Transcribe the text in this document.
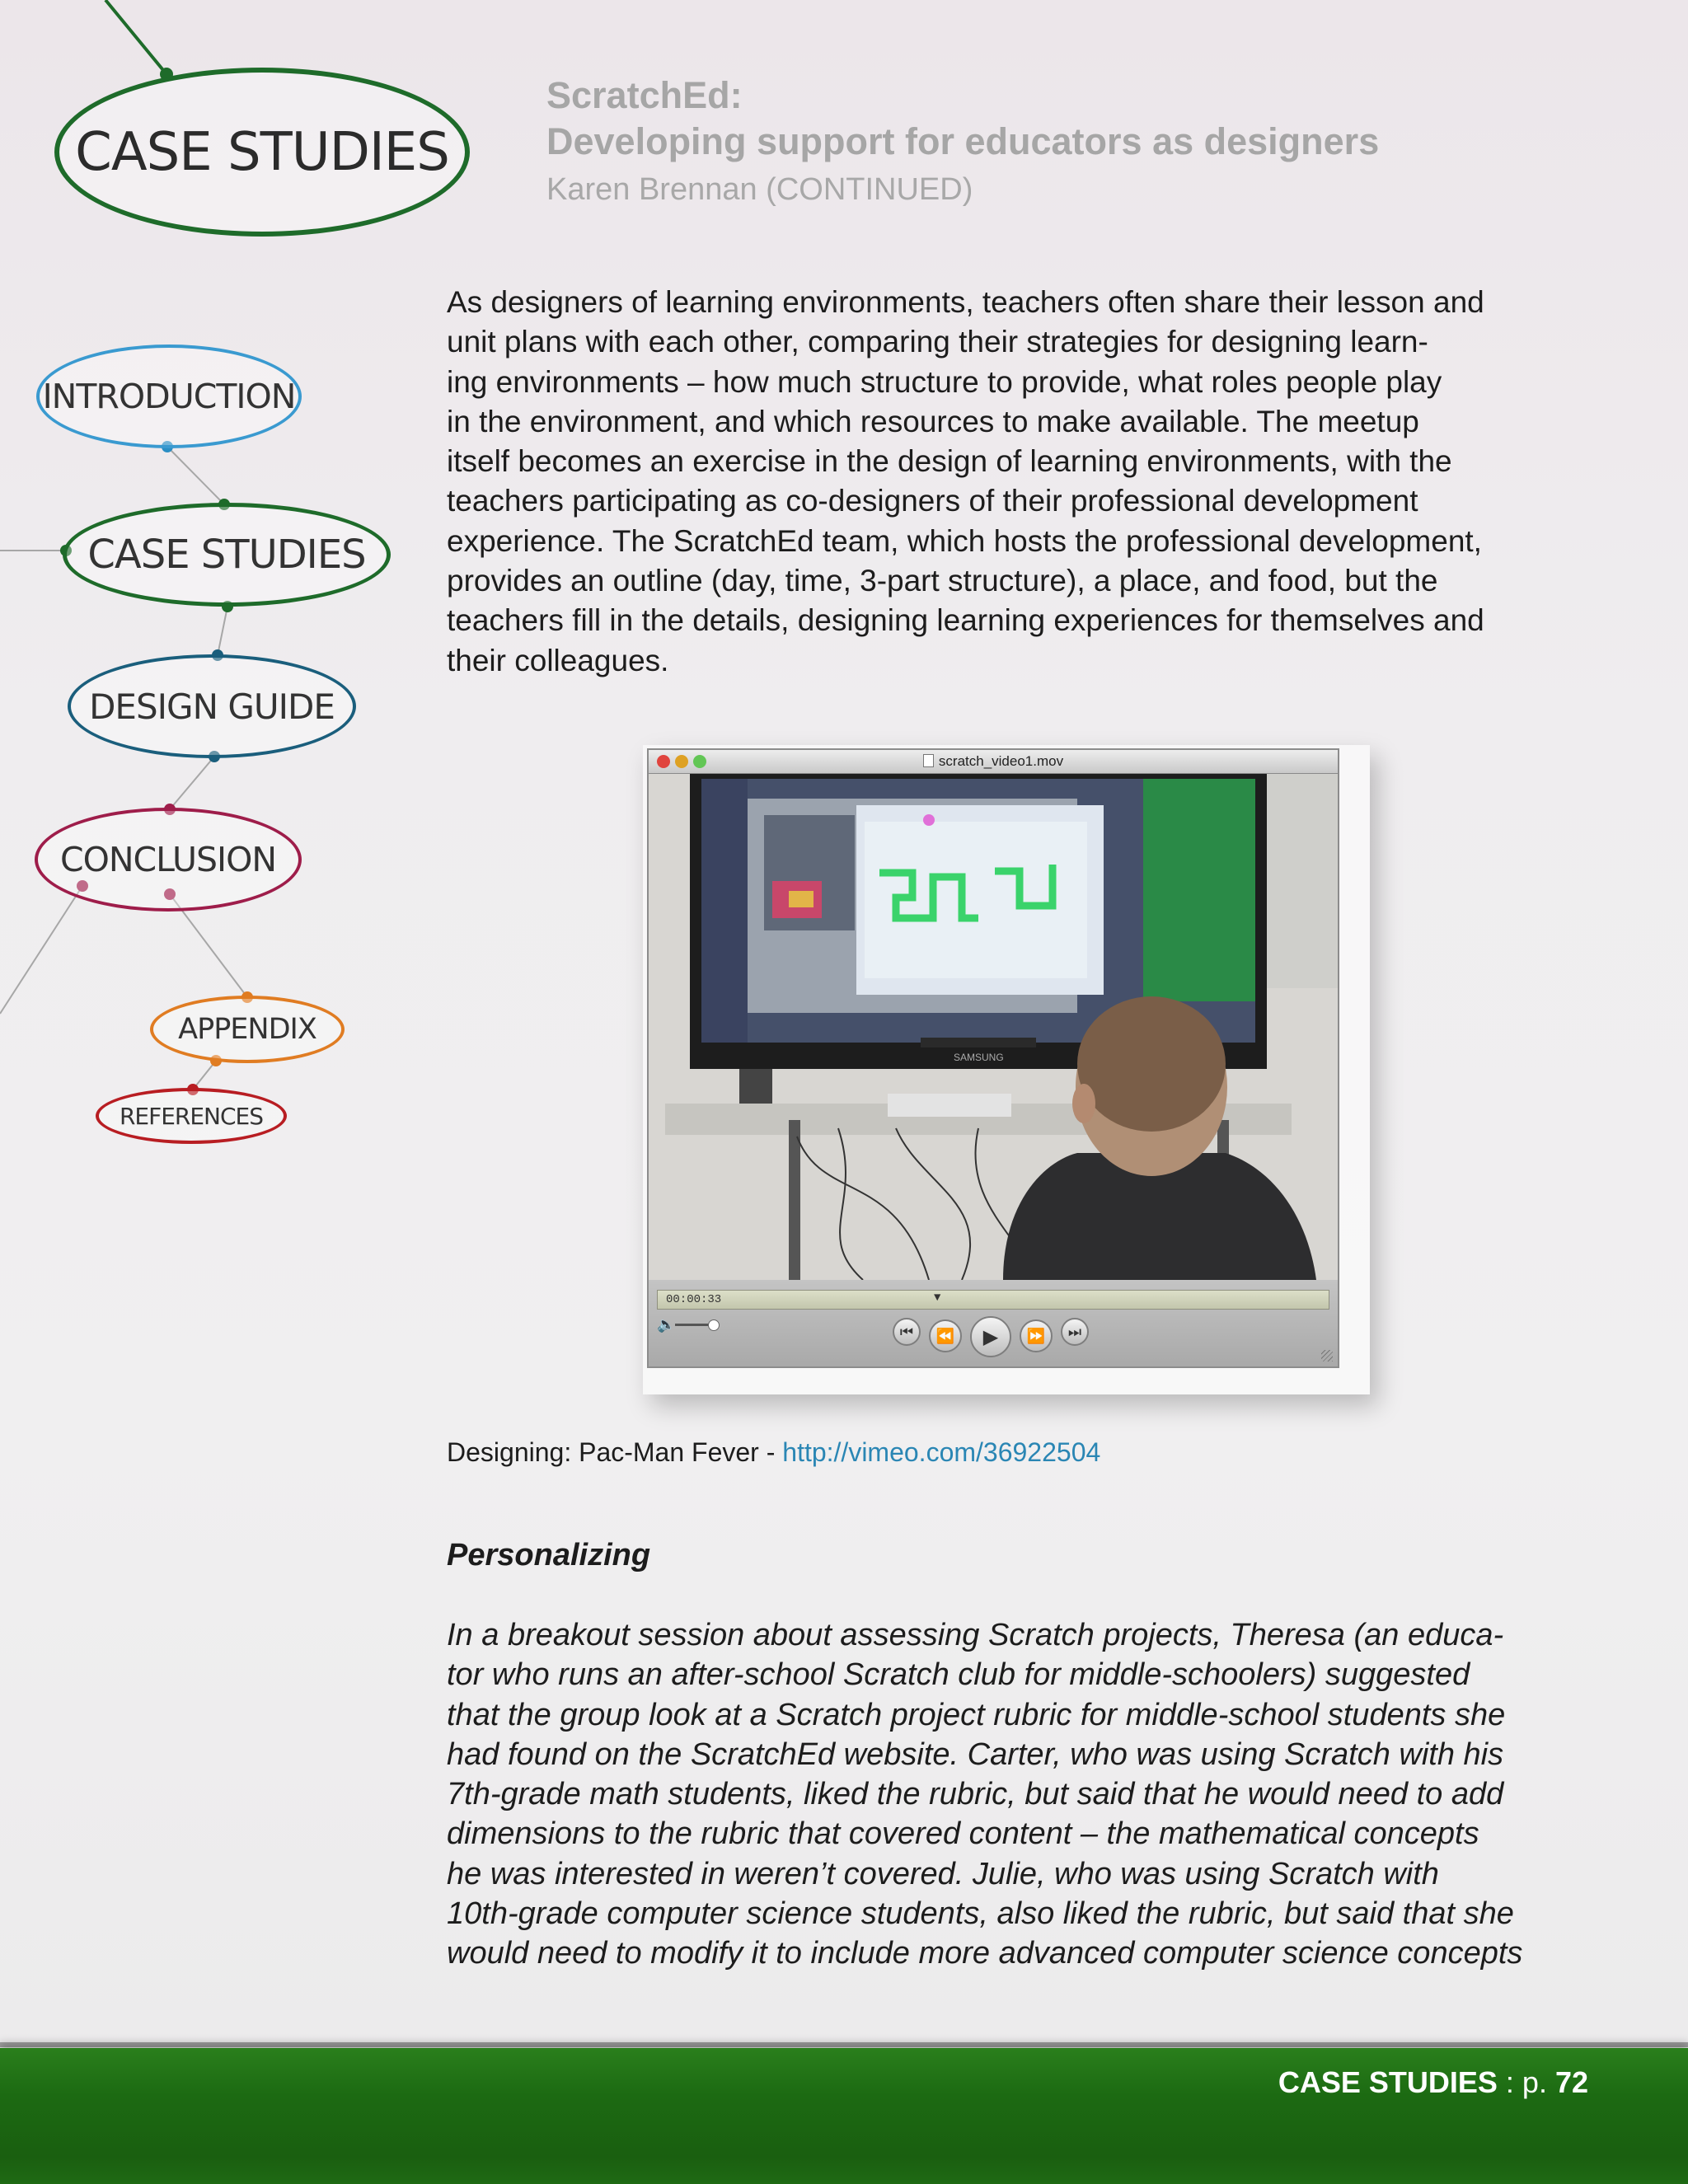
CASE STUDIES
INTRODUCTION
CASE STUDIES
DESIGN GUIDE
CONCLUSION
APPENDIX
REFERENCES

ScratchEd:

Developing support for educators as designers

Karen Brennan (CONTINUED)

As designers of learning environments, teachers often share their lesson and
unit plans with each other, comparing their strategies for designing learn-
ing environments – how much structure to provide, what roles people play
in the environment, and which resources to make available. The meetup
itself becomes an exercise in the design of learning environments, with the
teachers participating as co-designers of their professional development
experience. The ScratchEd team, which hosts the professional development,
provides an outline (day, time, 3-part structure), a place, and food, but the
teachers fill in the details, designing learning experiences for themselves and
their colleagues.

scratch_video1.mov
SAMSUNG
00:00:33	▼
🔈	⏮ ⏪ ▶ ⏩ ⏭
Designing: Pac-Man Fever - http://vimeo.com/36922504

Personalizing

In a breakout session about assessing Scratch projects, Theresa (an educa-
tor who runs an after-school Scratch club for middle-schoolers) suggested
that the group look at a Scratch project rubric for middle-school students she
had found on the ScratchEd website. Carter, who was using Scratch with his
7th-grade math students, liked the rubric, but said that he would need to add
dimensions to the rubric that covered content – the mathematical concepts
he was interested in weren’t covered. Julie, who was using Scratch with
10th-grade computer science students, also liked the rubric, but said that she
would need to modify it to include more advanced computer science concepts

CASE STUDIES : p. 72
